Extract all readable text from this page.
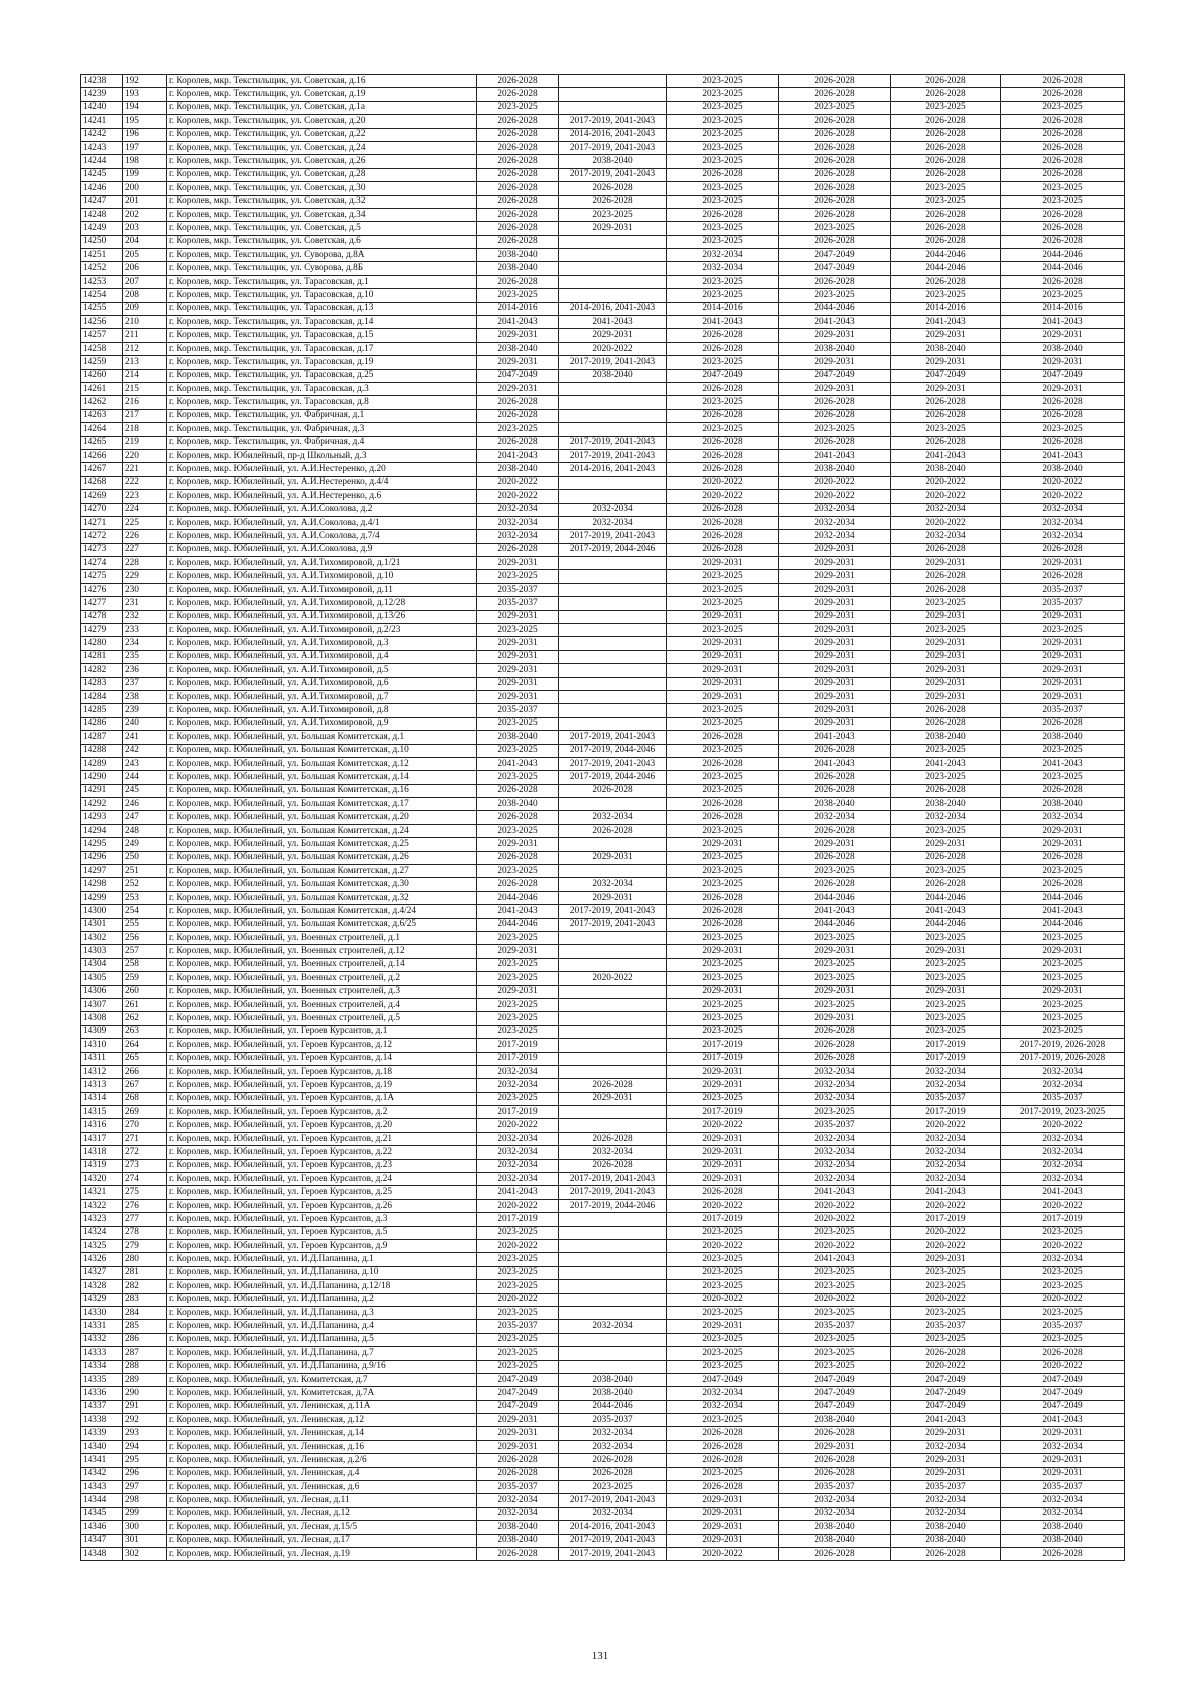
14238	192	г. Королев, мкр. Текстильщик, ул. Советская, д.16	2026-2028		2023-2025	2026-2028	2026-2028	2026-2028
14239	193	г. Королев, мкр. Текстильщик, ул. Советская, д.19	2026-2028		2023-2025	2026-2028	2026-2028	2026-2028
14240	194	г. Королев, мкр. Текстильщик, ул. Советская, д.1а	2023-2025		2023-2025	2023-2025	2023-2025	2023-2025
14241	195	г. Королев, мкр. Текстильщик, ул. Советская, д.20	2026-2028	2017-2019, 2041-2043	2023-2025	2026-2028	2026-2028	2026-2028
14242	196	г. Королев, мкр. Текстильщик, ул. Советская, д.22	2026-2028	2014-2016, 2041-2043	2023-2025	2026-2028	2026-2028	2026-2028
14243	197	г. Королев, мкр. Текстильщик, ул. Советская, д.24	2026-2028	2017-2019, 2041-2043	2023-2025	2026-2028	2026-2028	2026-2028
14244	198	г. Королев, мкр. Текстильщик, ул. Советская, д.26	2026-2028	2038-2040	2023-2025	2026-2028	2026-2028	2026-2028
14245	199	г. Королев, мкр. Текстильщик, ул. Советская, д.28	2026-2028	2017-2019, 2041-2043	2026-2028	2026-2028	2026-2028	2026-2028
14246	200	г. Королев, мкр. Текстильщик, ул. Советская, д.30	2026-2028	2026-2028	2023-2025	2026-2028	2023-2025	2023-2025
14247	201	г. Королев, мкр. Текстильщик, ул. Советская, д.32	2026-2028	2026-2028	2023-2025	2026-2028	2023-2025	2023-2025
14248	202	г. Королев, мкр. Текстильщик, ул. Советская, д.34	2026-2028	2023-2025	2026-2028	2026-2028	2026-2028	2026-2028
14249	203	г. Королев, мкр. Текстильщик, ул. Советская, д.5	2026-2028	2029-2031	2023-2025	2023-2025	2026-2028	2026-2028
14250	204	г. Королев, мкр. Текстильщик, ул. Советская, д.6	2026-2028		2023-2025	2026-2028	2026-2028	2026-2028
14251	205	г. Королев, мкр. Текстильщик, ул. Суворова, д.8А	2038-2040		2032-2034	2047-2049	2044-2046	2044-2046
14252	206	г. Королев, мкр. Текстильщик, ул. Суворова, д.8Б	2038-2040		2032-2034	2047-2049	2044-2046	2044-2046
14253	207	г. Королев, мкр. Текстильщик, ул. Тарасовская, д.1	2026-2028		2023-2025	2026-2028	2026-2028	2026-2028
14254	208	г. Королев, мкр. Текстильщик, ул. Тарасовская, д.10	2023-2025		2023-2025	2023-2025	2023-2025	2023-2025
14255	209	г. Королев, мкр. Текстильщик, ул. Тарасовская, д.13	2014-2016	2014-2016, 2041-2043	2014-2016	2044-2046	2014-2016	2014-2016
14256	210	г. Королев, мкр. Текстильщик, ул. Тарасовская, д.14	2041-2043	2041-2043	2041-2043	2041-2043	2041-2043	2041-2043
14257	211	г. Королев, мкр. Текстильщик, ул. Тарасовская, д.15	2029-2031	2029-2031	2026-2028	2029-2031	2029-2031	2029-2031
14258	212	г. Королев, мкр. Текстильщик, ул. Тарасовская, д.17	2038-2040	2020-2022	2026-2028	2038-2040	2038-2040	2038-2040
14259	213	г. Королев, мкр. Текстильщик, ул. Тарасовская, д.19	2029-2031	2017-2019, 2041-2043	2023-2025	2029-2031	2029-2031	2029-2031
14260	214	г. Королев, мкр. Текстильщик, ул. Тарасовская, д.25	2047-2049	2038-2040	2047-2049	2047-2049	2047-2049	2047-2049
14261	215	г. Королев, мкр. Текстильщик, ул. Тарасовская, д.3	2029-2031		2026-2028	2029-2031	2029-2031	2029-2031
14262	216	г. Королев, мкр. Текстильщик, ул. Тарасовская, д.8	2026-2028		2023-2025	2026-2028	2026-2028	2026-2028
14263	217	г. Королев, мкр. Текстильщик, ул. Фабричная, д.1	2026-2028		2026-2028	2026-2028	2026-2028	2026-2028
14264	218	г. Королев, мкр. Текстильщик, ул. Фабричная, д.3	2023-2025		2023-2025	2023-2025	2023-2025	2023-2025
14265	219	г. Королев, мкр. Текстильщик, ул. Фабричная, д.4	2026-2028	2017-2019, 2041-2043	2026-2028	2026-2028	2026-2028	2026-2028
14266	220	г. Королев, мкр. Юбилейный, пр-д Школьный, д.3	2041-2043	2017-2019, 2041-2043	2026-2028	2041-2043	2041-2043	2041-2043
14267	221	г. Королев, мкр. Юбилейный, ул. А.И.Нестеренко, д.20	2038-2040	2014-2016, 2041-2043	2026-2028	2038-2040	2038-2040	2038-2040
14268	222	г. Королев, мкр. Юбилейный, ул. А.И.Нестеренко, д.4/4	2020-2022		2020-2022	2020-2022	2020-2022	2020-2022
14269	223	г. Королев, мкр. Юбилейный, ул. А.И.Нестеренко, д.6	2020-2022		2020-2022	2020-2022	2020-2022	2020-2022
14270	224	г. Королев, мкр. Юбилейный, ул. А.И.Соколова, д.2	2032-2034	2032-2034	2026-2028	2032-2034	2032-2034	2032-2034
14271	225	г. Королев, мкр. Юбилейный, ул. А.И.Соколова, д.4/1	2032-2034	2032-2034	2026-2028	2032-2034	2020-2022	2032-2034
14272	226	г. Королев, мкр. Юбилейный, ул. А.И.Соколова, д.7/4	2032-2034	2017-2019, 2041-2043	2026-2028	2032-2034	2032-2034	2032-2034
14273	227	г. Королев, мкр. Юбилейный, ул. А.И.Соколова, д.9	2026-2028	2017-2019, 2044-2046	2026-2028	2029-2031	2026-2028	2026-2028
14274	228	г. Королев, мкр. Юбилейный, ул. А.И.Тихомировой, д.1/21	2029-2031		2029-2031	2029-2031	2029-2031	2029-2031
14275	229	г. Королев, мкр. Юбилейный, ул. А.И.Тихомировой, д.10	2023-2025		2023-2025	2029-2031	2026-2028	2026-2028
14276	230	г. Королев, мкр. Юбилейный, ул. А.И.Тихомировой, д.11	2035-2037		2023-2025	2029-2031	2026-2028	2035-2037
14277	231	г. Королев, мкр. Юбилейный, ул. А.И.Тихомировой, д.12/28	2035-2037		2023-2025	2029-2031	2023-2025	2035-2037
14278	232	г. Королев, мкр. Юбилейный, ул. А.И.Тихомировой, д.13/26	2029-2031		2029-2031	2029-2031	2029-2031	2029-2031
14279	233	г. Королев, мкр. Юбилейный, ул. А.И.Тихомировой, д.2/23	2023-2025		2023-2025	2029-2031	2023-2025	2023-2025
14280	234	г. Королев, мкр. Юбилейный, ул. А.И.Тихомировой, д.3	2029-2031		2029-2031	2029-2031	2029-2031	2029-2031
14281	235	г. Королев, мкр. Юбилейный, ул. А.И.Тихомировой, д.4	2029-2031		2029-2031	2029-2031	2029-2031	2029-2031
14282	236	г. Королев, мкр. Юбилейный, ул. А.И.Тихомировой, д.5	2029-2031		2029-2031	2029-2031	2029-2031	2029-2031
14283	237	г. Королев, мкр. Юбилейный, ул. А.И.Тихомировой, д.6	2029-2031		2029-2031	2029-2031	2029-2031	2029-2031
14284	238	г. Королев, мкр. Юбилейный, ул. А.И.Тихомировой, д.7	2029-2031		2029-2031	2029-2031	2029-2031	2029-2031
14285	239	г. Королев, мкр. Юбилейный, ул. А.И.Тихомировой, д.8	2035-2037		2023-2025	2029-2031	2026-2028	2035-2037
14286	240	г. Королев, мкр. Юбилейный, ул. А.И.Тихомировой, д.9	2023-2025		2023-2025	2029-2031	2026-2028	2026-2028
14287	241	г. Королев, мкр. Юбилейный, ул. Большая Комитетская, д.1	2038-2040	2017-2019, 2041-2043	2026-2028	2041-2043	2038-2040	2038-2040
14288	242	г. Королев, мкр. Юбилейный, ул. Большая Комитетская, д.10	2023-2025	2017-2019, 2044-2046	2023-2025	2026-2028	2023-2025	2023-2025
14289	243	г. Королев, мкр. Юбилейный, ул. Большая Комитетская, д.12	2041-2043	2017-2019, 2041-2043	2026-2028	2041-2043	2041-2043	2041-2043
14290	244	г. Королев, мкр. Юбилейный, ул. Большая Комитетская, д.14	2023-2025	2017-2019, 2044-2046	2023-2025	2026-2028	2023-2025	2023-2025
14291	245	г. Королев, мкр. Юбилейный, ул. Большая Комитетская, д.16	2026-2028	2026-2028	2023-2025	2026-2028	2026-2028	2026-2028
14292	246	г. Королев, мкр. Юбилейный, ул. Большая Комитетская, д.17	2038-2040		2026-2028	2038-2040	2038-2040	2038-2040
14293	247	г. Королев, мкр. Юбилейный, ул. Большая Комитетская, д.20	2026-2028	2032-2034	2026-2028	2032-2034	2032-2034	2032-2034
14294	248	г. Королев, мкр. Юбилейный, ул. Большая Комитетская, д.24	2023-2025	2026-2028	2023-2025	2026-2028	2023-2025	2029-2031
14295	249	г. Королев, мкр. Юбилейный, ул. Большая Комитетская, д.25	2029-2031		2029-2031	2029-2031	2029-2031	2029-2031
14296	250	г. Королев, мкр. Юбилейный, ул. Большая Комитетская, д.26	2026-2028	2029-2031	2023-2025	2026-2028	2026-2028	2026-2028
14297	251	г. Королев, мкр. Юбилейный, ул. Большая Комитетская, д.27	2023-2025		2023-2025	2023-2025	2023-2025	2023-2025
14298	252	г. Королев, мкр. Юбилейный, ул. Большая Комитетская, д.30	2026-2028	2032-2034	2023-2025	2026-2028	2026-2028	2026-2028
14299	253	г. Королев, мкр. Юбилейный, ул. Большая Комитетская, д.32	2044-2046	2029-2031	2026-2028	2044-2046	2044-2046	2044-2046
14300	254	г. Королев, мкр. Юбилейный, ул. Большая Комитетская, д.4/24	2041-2043	2017-2019, 2041-2043	2026-2028	2041-2043	2041-2043	2041-2043
14301	255	г. Королев, мкр. Юбилейный, ул. Большая Комитетская, д.6/25	2044-2046	2017-2019, 2041-2043	2026-2028	2044-2046	2044-2046	2044-2046
14302	256	г. Королев, мкр. Юбилейный, ул. Военных строителей, д.1	2023-2025		2023-2025	2023-2025	2023-2025	2023-2025
14303	257	г. Королев, мкр. Юбилейный, ул. Военных строителей, д.12	2029-2031		2029-2031	2029-2031	2029-2031	2029-2031
14304	258	г. Королев, мкр. Юбилейный, ул. Военных строителей, д.14	2023-2025		2023-2025	2023-2025	2023-2025	2023-2025
14305	259	г. Королев, мкр. Юбилейный, ул. Военных строителей, д.2	2023-2025	2020-2022	2023-2025	2023-2025	2023-2025	2023-2025
14306	260	г. Королев, мкр. Юбилейный, ул. Военных строителей, д.3	2029-2031		2029-2031	2029-2031	2029-2031	2029-2031
14307	261	г. Королев, мкр. Юбилейный, ул. Военных строителей, д.4	2023-2025		2023-2025	2023-2025	2023-2025	2023-2025
14308	262	г. Королев, мкр. Юбилейный, ул. Военных строителей, д.5	2023-2025		2023-2025	2029-2031	2023-2025	2023-2025
14309	263	г. Королев, мкр. Юбилейный, ул. Героев Курсантов, д.1	2023-2025		2023-2025	2026-2028	2023-2025	2023-2025
14310	264	г. Королев, мкр. Юбилейный, ул. Героев Курсантов, д.12	2017-2019		2017-2019	2026-2028	2017-2019	2017-2019, 2026-2028
14311	265	г. Королев, мкр. Юбилейный, ул. Героев Курсантов, д.14	2017-2019		2017-2019	2026-2028	2017-2019	2017-2019, 2026-2028
14312	266	г. Королев, мкр. Юбилейный, ул. Героев Курсантов, д.18	2032-2034		2029-2031	2032-2034	2032-2034	2032-2034
14313	267	г. Королев, мкр. Юбилейный, ул. Героев Курсантов, д.19	2032-2034	2026-2028	2029-2031	2032-2034	2032-2034	2032-2034
14314	268	г. Королев, мкр. Юбилейный, ул. Героев Курсантов, д.1А	2023-2025	2029-2031	2023-2025	2032-2034	2035-2037	2035-2037
14315	269	г. Королев, мкр. Юбилейный, ул. Героев Курсантов, д.2	2017-2019		2017-2019	2023-2025	2017-2019	2017-2019, 2023-2025
14316	270	г. Королев, мкр. Юбилейный, ул. Героев Курсантов, д.20	2020-2022		2020-2022	2035-2037	2020-2022	2020-2022
14317	271	г. Королев, мкр. Юбилейный, ул. Героев Курсантов, д.21	2032-2034	2026-2028	2029-2031	2032-2034	2032-2034	2032-2034
14318	272	г. Королев, мкр. Юбилейный, ул. Героев Курсантов, д.22	2032-2034	2032-2034	2029-2031	2032-2034	2032-2034	2032-2034
14319	273	г. Королев, мкр. Юбилейный, ул. Героев Курсантов, д.23	2032-2034	2026-2028	2029-2031	2032-2034	2032-2034	2032-2034
14320	274	г. Королев, мкр. Юбилейный, ул. Героев Курсантов, д.24	2032-2034	2017-2019, 2041-2043	2029-2031	2032-2034	2032-2034	2032-2034
14321	275	г. Королев, мкр. Юбилейный, ул. Героев Курсантов, д.25	2041-2043	2017-2019, 2041-2043	2026-2028	2041-2043	2041-2043	2041-2043
14322	276	г. Королев, мкр. Юбилейный, ул. Героев Курсантов, д.26	2020-2022	2017-2019, 2044-2046	2020-2022	2020-2022	2020-2022	2020-2022
14323	277	г. Королев, мкр. Юбилейный, ул. Героев Курсантов, д.3	2017-2019		2017-2019	2020-2022	2017-2019	2017-2019
14324	278	г. Королев, мкр. Юбилейный, ул. Героев Курсантов, д.5	2023-2025		2023-2025	2023-2025	2020-2022	2023-2025
14325	279	г. Королев, мкр. Юбилейный, ул. Героев Курсантов, д.9	2020-2022		2020-2022	2020-2022	2020-2022	2020-2022
14326	280	г. Королев, мкр. Юбилейный, ул. И.Д.Папанина, д.1	2023-2025		2023-2025	2041-2043	2029-2031	2032-2034
14327	281	г. Королев, мкр. Юбилейный, ул. И.Д.Папанина, д.10	2023-2025		2023-2025	2023-2025	2023-2025	2023-2025
14328	282	г. Королев, мкр. Юбилейный, ул. И.Д.Папанина, д.12/18	2023-2025		2023-2025	2023-2025	2023-2025	2023-2025
14329	283	г. Королев, мкр. Юбилейный, ул. И.Д.Папанина, д.2	2020-2022		2020-2022	2020-2022	2020-2022	2020-2022
14330	284	г. Королев, мкр. Юбилейный, ул. И.Д.Папанина, д.3	2023-2025		2023-2025	2023-2025	2023-2025	2023-2025
14331	285	г. Королев, мкр. Юбилейный, ул. И.Д.Папанина, д.4	2035-2037	2032-2034	2029-2031	2035-2037	2035-2037	2035-2037
14332	286	г. Королев, мкр. Юбилейный, ул. И.Д.Папанина, д.5	2023-2025		2023-2025	2023-2025	2023-2025	2023-2025
14333	287	г. Королев, мкр. Юбилейный, ул. И.Д.Папанина, д.7	2023-2025		2023-2025	2023-2025	2026-2028	2026-2028
14334	288	г. Королев, мкр. Юбилейный, ул. И.Д.Папанина, д.9/16	2023-2025		2023-2025	2023-2025	2020-2022	2020-2022
14335	289	г. Королев, мкр. Юбилейный, ул. Комитетская, д.7	2047-2049	2038-2040	2047-2049	2047-2049	2047-2049	2047-2049
14336	290	г. Королев, мкр. Юбилейный, ул. Комитетская, д.7А	2047-2049	2038-2040	2032-2034	2047-2049	2047-2049	2047-2049
14337	291	г. Королев, мкр. Юбилейный, ул. Ленинская, д.11А	2047-2049	2044-2046	2032-2034	2047-2049	2047-2049	2047-2049
14338	292	г. Королев, мкр. Юбилейный, ул. Ленинская, д.12	2029-2031	2035-2037	2023-2025	2038-2040	2041-2043	2041-2043
14339	293	г. Королев, мкр. Юбилейный, ул. Ленинская, д.14	2029-2031	2032-2034	2026-2028	2026-2028	2029-2031	2029-2031
14340	294	г. Королев, мкр. Юбилейный, ул. Ленинская, д.16	2029-2031	2032-2034	2026-2028	2029-2031	2032-2034	2032-2034
14341	295	г. Королев, мкр. Юбилейный, ул. Ленинская, д.2/6	2026-2028	2026-2028	2026-2028	2026-2028	2029-2031	2029-2031
14342	296	г. Королев, мкр. Юбилейный, ул. Ленинская, д.4	2026-2028	2026-2028	2023-2025	2026-2028	2029-2031	2029-2031
14343	297	г. Королев, мкр. Юбилейный, ул. Ленинская, д.6	2035-2037	2023-2025	2026-2028	2035-2037	2035-2037	2035-2037
14344	298	г. Королев, мкр. Юбилейный, ул. Лесная, д.11	2032-2034	2017-2019, 2041-2043	2029-2031	2032-2034	2032-2034	2032-2034
14345	299	г. Королев, мкр. Юбилейный, ул. Лесная, д.12	2032-2034	2032-2034	2029-2031	2032-2034	2032-2034	2032-2034
14346	300	г. Королев, мкр. Юбилейный, ул. Лесная, д.15/5	2038-2040	2014-2016, 2041-2043	2029-2031	2038-2040	2038-2040	2038-2040
14347	301	г. Королев, мкр. Юбилейный, ул. Лесная, д.17	2038-2040	2017-2019, 2041-2043	2029-2031	2038-2040	2038-2040	2038-2040
14348	302	г. Королев, мкр. Юбилейный, ул. Лесная, д.19	2026-2028	2017-2019, 2041-2043	2020-2022	2026-2028	2026-2028	2026-2028
131
